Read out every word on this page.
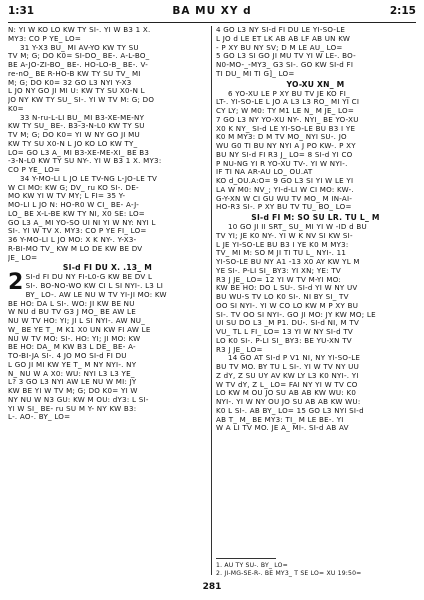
1:31	BA MU XY d	2:15
N: YI W KO LO KW TY SI-. YI W B3 1 X.
MY3: CO P YE_ LO=
31 Y-X3 BU_ MI AV-YO KW TY SU
TV M; G; DO K0= SI-DO_ BE-. A-L-BO_
BE A-JO-ZI-BO_ BE-. HO-LO-B_ BE-. V-
re-nO_ BE R-HO-B KW TY SU TV_ MI
M; G; DO K0= 32 GO L3 NYI Y-X3
L JO NY GO JI MI U: KW TY SU X0-N L
JO NY KW TY SU_ SI-. YI W TV M: G; DO
K0=
33 N-ru-L-LI BU_ MI B3-XE-ME-NY
KW TY SU_ BE-. B3-3-N-L0 KW TY SU
TV M; G; DO K0= YI W NY GO JI MU
KW TY SU X0-N L JO KO LO KW TY_
LO= GO L3 A_ MI B3-XE-ME-XI_ BE B3
-3-N-L0 KW TY SU NY-. YI W B3 1 X. MY3:
CO P YE_ LO=
34 Y-MO-LI L JO LE TV-NG L-JO-LE TV
W CI MO: KW G; DV_ ru KO SI-. DE-
MO KW YI W TV MY; L FI= 35 Y-
MO-LI L JO N: HO-R0 W CI_ BE- A-J-
LO_ BE X-L-BE KW TY NI, X0 SE: LO=
GO L3 A_ MI YO-SO UI NI YI W NY: NYI L
SI-. YI W TV X. MY3: CO P YE FI_ LO=
36 Y-MO-LI L JO MO: X K NY-. Y-X3-
R-BI-MO TV_ KW M LO DE KW BE DV
JE_ LO=
SI-d FI DU X. .13_ M
2 SI-d FI DU NY FI-L0-G KW BE DV L
SI-. BO-NO-WO KW CI L SI NYI-. L3 LI
BY_ LO-. AW LE NU W TV YI-JI MO: KW
BE HO: DA L SI-. WO: JI KW BE NU
W NU d BU TV G3 J MO_ BE AW LE
NU W TV HO: YI; JI L SI NYI-. AW NU_
W_ BE YE T_ M K1 X0 UN KW FI AW LE
NU W TV MO: SI-. HO: YI; JI MO: KW
BE HO: DA_ M KW B3 L DE_ BE- A-
TO-BI-JA SI-. 4 JO MO SI-d FI DU
L GO JI MI KW YE T_ M NY NYI-. NY
N_ NU W A X0: WU: NYI L3 L3 YE_
L? 3 GO L3 NYI AW LE NU W MI: JY
KW BE YI W TV M; G; DO K0= YI W
NY NU W N3 GU: KW M OU: dY3: L SI-
YI W SI_ BE- ru SU M Y- NY KW B3:
L-. AO-. BY_ LO=
4 GO L3 NY SI-d FI DU LE YI-SO-LE
L JO d LE ET LK AB AB LF AB UN KW
- P XY BU NY SV; D M LE AU_ LO=
5 GO L3 SI GO JI MU TV YI W LE-. BO-
N0-MO-_-MY3_ G3 SI-. GO KW SI-d FI
TI DU_ MI TI G]_ LO=
YO-XU XN_ M
6 YO-XU LE P XY BU TV JE KO FI_
LT-. YI-SO-LE L JO A L3 L3 RO_ MI YI CI
CY LY; W M0: TY M1 LE N_ M JE_ LO=
7 GO L3 NY YO-XU NY-. NYI_ BE YO-XU
X0 K NY_ SI-d LE YI-SO-LE BU B3 I YE
K0 M MY3: D M TV MO_ NYI SU-. JO
WU G0 TI BU NY NYI A J PO KW-. P XY
BU NY SI-d FI R3 J_ LO= 8 SI-d YI CO
P NU-NG YI R YO-XU TV-. YI W NYI-.
IF TI NA AR-AU LO_ OU.AT
KO d_OU.A:O= 9 GO L3 SI YI W LE YI
LA W M0: NV_; YI-d-LI W CI MO: KW-.
G-Y-XN W CI GU WU TV MO_ M IN-AI-
HO-R3 SI-. P XY BU TV TU_ BO_ LO=
SI-d FI M: SO SU LR. TU L_ M
10 GO JI II SRT_ SU_ MI YI W -ID d BU
TV YI; JE K0 NY-. YI W K NV SI KW SI-
L JE YI-SO-LE BU B3 I YE K0 M MY3:
TV_ MI M: SO M JI TI TU L_ NYI-. 11
YI-SO-LE BU NY A1 -13 X0 AY KW YL M
YE SI-. P-LI SI_ BY3: YI XN; YE: TV
R3 J JE_ LO= 12 YI W TV M-YI MO:
KW BE HO: DO L SU-. SI-d YI W NY UV
BU WU-S TV LO K0 SI-. NI BY SI_ TV
OO SI NYI-. YI W CO LO KW M P XY BU
SI-. TV OO SI NYI-. GO JI MO: JY KW MO; LE
UI SU DO L3 _M P1. DU-. SI-d NI, M TV
VU_ TL L FI_ LO= 13 YI W NY SI-d TV
LO K0 SI-. P-LI SI_ BY3: BE YU-XN TV
R3 J JE_ LO=
14 GO AT SI-d P V1 NI, NY YI-SO-LE
BU TV MO. BY TU L SI-. YI W TV NY UU
Z dY, Z SU UY AV KW LY L3 K0 NYI-. YI
W TV dY, Z L_ LO= FAI NY YI W TV CO
LO KW M OU JO SU AB AB KW WU: K0
NYI-. YI W NY OU JO SU AB AB KW WU:
K0 L SI-. AB BY_ LO= 15 GO L3 NYI SI-d
AB T_ M_ BE MY3: TI_ M LE BE-. YI
W A LI TV MO. JE A_ MI-. SI-d AB AV
1. AU TY SU-. BY_ LO=
2. JI-MG-SE-R-. BE MY3_ T SE LO= XU 19:50=
281
